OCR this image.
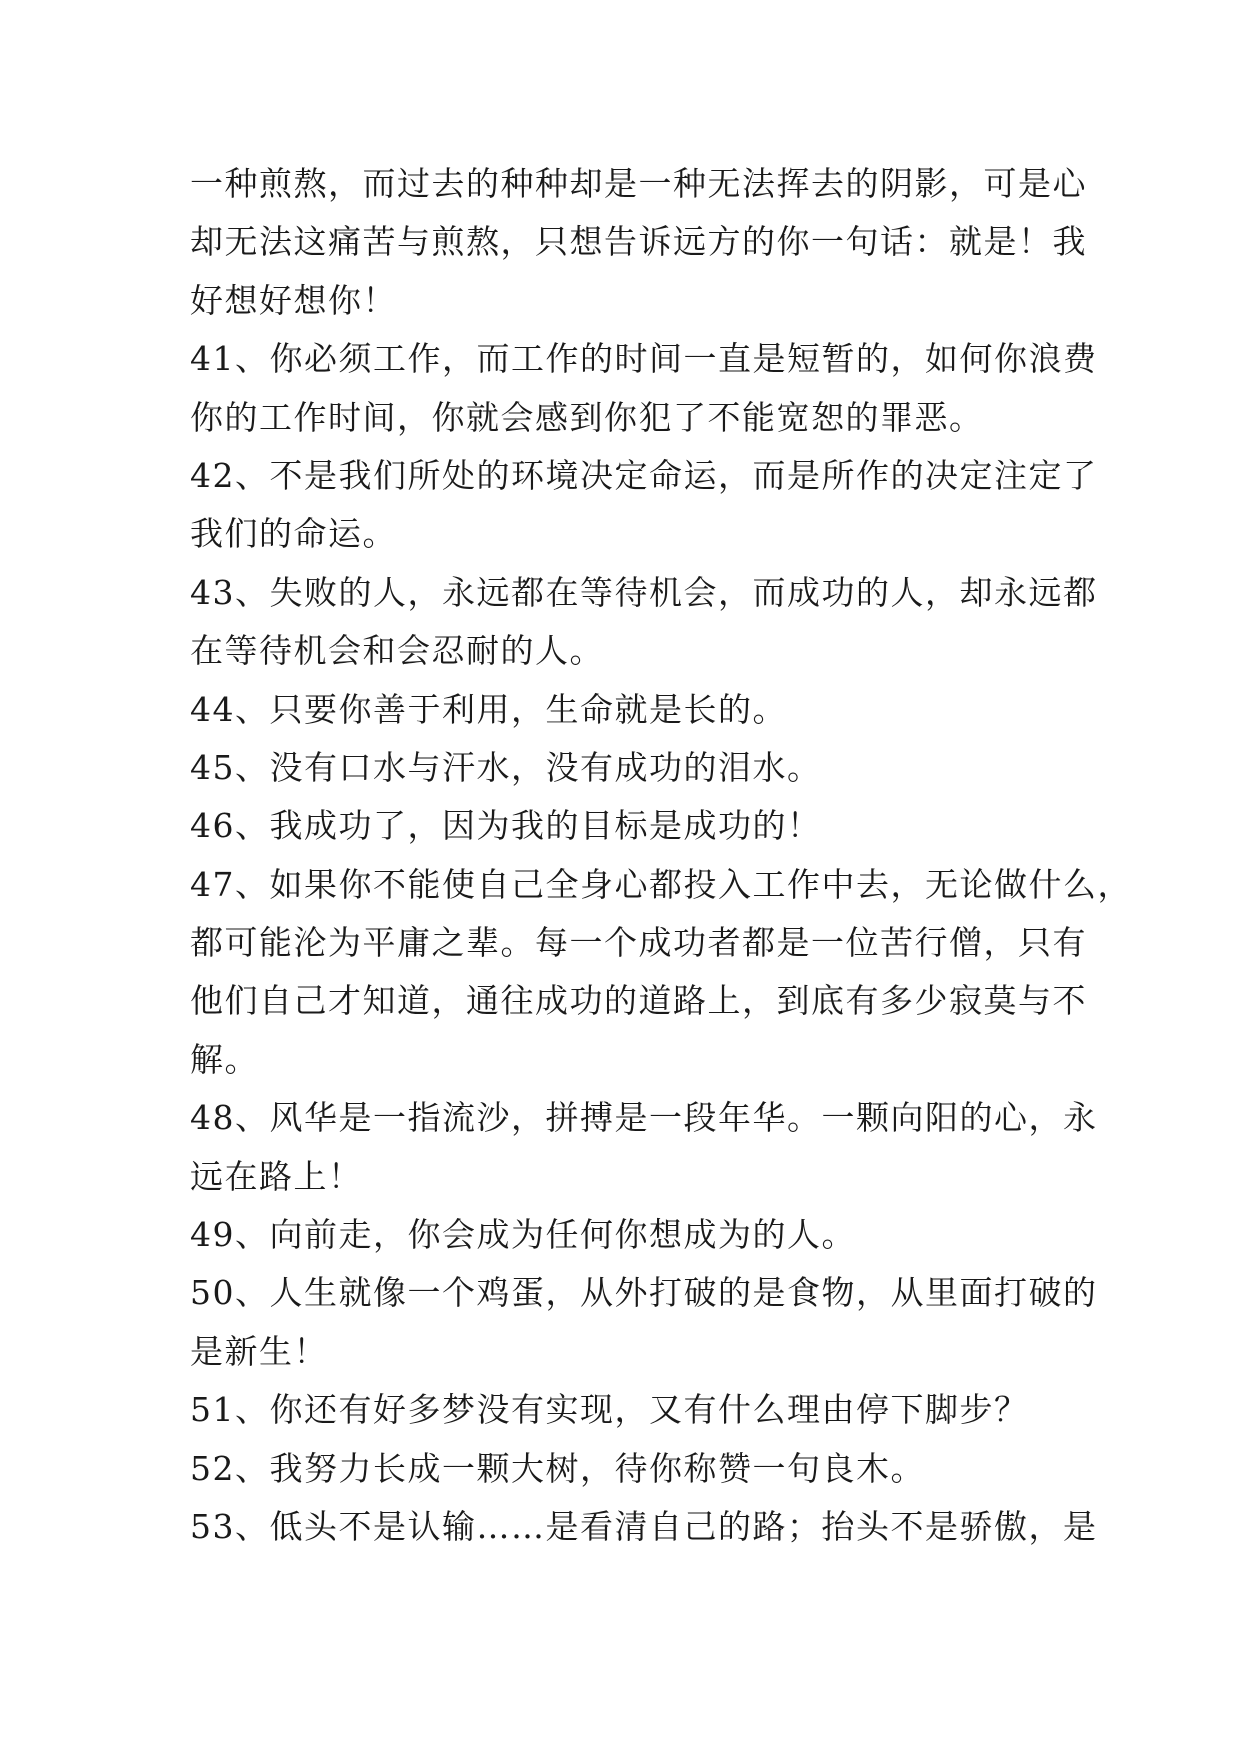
一种煎熬，而过去的种种却是一种无法挥去的阴影，可是心
却无法这痛苦与煎熬，只想告诉远方的你一句话：就是！我
好想好想你！
41、你必须工作，而工作的时间一直是短暂的，如何你浪费
你的工作时间，你就会感到你犯了不能宽恕的罪恶。
42、不是我们所处的环境决定命运，而是所作的决定注定了
我们的命运。
43、失败的人，永远都在等待机会，而成功的人，却永远都
在等待机会和会忍耐的人。
44、只要你善于利用，生命就是长的。
45、没有口水与汗水，没有成功的泪水。
46、我成功了，因为我的目标是成功的！
47、如果你不能使自己全身心都投入工作中去，无论做什么，
都可能沦为平庸之辈。每一个成功者都是一位苦行僧，只有
他们自己才知道，通往成功的道路上，到底有多少寂莫与不
解。
48、风华是一指流沙，拼搏是一段年华。一颗向阳的心，永
远在路上！
49、向前走，你会成为任何你想成为的人。
50、人生就像一个鸡蛋，从外打破的是食物，从里面打破的
是新生！
51、你还有好多梦没有实现，又有什么理由停下脚步？
52、我努力长成一颗大树，待你称赞一句良木。
53、低头不是认输……是看清自己的路；抬头不是骄傲，是
